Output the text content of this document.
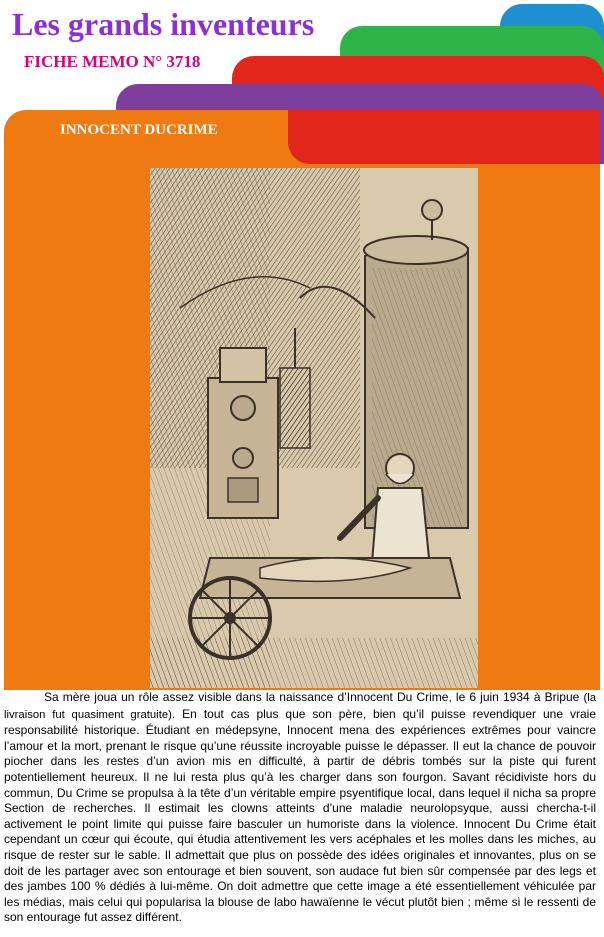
Les grands inventeurs
FICHE MEMO N° 3718
INNOCENT DUCRIME

Sa mère joua un rôle assez visible dans la naissance d’Innocent Du Crime, le 6 juin 1934 à Bripue (la livraison fut quasiment gratuite). En tout cas plus que son père, bien qu’il puisse revendiquer une vraie responsabilité historique. Étudiant en médepsyne, Innocent mena des expériences extrêmes pour vaincre l’amour et la mort, prenant le risque qu’une réussite incroyable puisse le dépasser. Il eut la chance de pouvoir piocher dans les restes d’un avion mis en difficulté, à partir de débris tombés sur la piste qui furent potentiellement heureux. Il ne lui resta plus qu’à les charger dans son fourgon. Savant récidiviste hors du commun, Du Crime se propulsa à la tête d’un véritable empire psyentifique local, dans lequel il nicha sa propre Section de recherches. Il estimait les clowns atteints d’une maladie neurolopsyque, aussi chercha-t-il activement le point limite qui puisse faire basculer un humoriste dans la violence. Innocent Du Crime était cependant un cœur qui écoute, qui étudia attentivement les vers acéphales et les molles dans les miches, au risque de rester sur le sable. Il admettait que plus on possède des idées originales et innovantes, plus on se doit de les partager avec son entourage et bien souvent, son audace fut bien sûr compensée par des legs et des jambes 100 % dédiés à lui-même. On doit admettre que cette image a été essentiellement véhiculée par les médias, mais celui qui popularisa la blouse de labo hawaïenne le vécut plutôt bien ; même si le ressenti de son entourage fut assez différent.
